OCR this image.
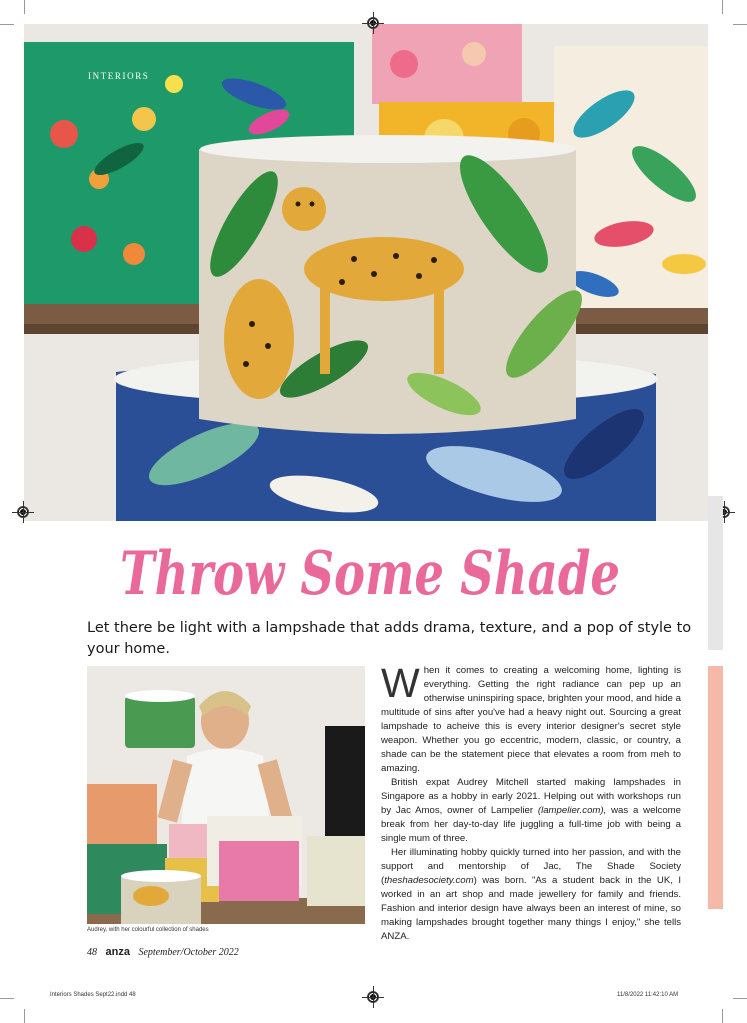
INTERIORS
Throw Some Shade

Let there be light with a lampshade that adds drama, texture, and a pop of style to your home.

Audrey, with her colourful collection of shades

When it comes to creating a welcoming home, lighting is everything. Getting the right radiance can pep up an otherwise uninspiring space, brighten your mood, and hide a multitude of sins after you've had a heavy night out. Sourcing a great lampshade to acheive this is every interior designer's secret style weapon. Whether you go eccentric, modern, classic, or country, a shade can be the statement piece that elevates a room from meh to amazing.

British expat Audrey Mitchell started making lampshades in Singapore as a hobby in early 2021. Helping out with workshops run by Jac Amos, owner of Lampelier (lampelier.com), was a welcome break from her day-to-day life juggling a full-time job with being a single mum of three.

Her illuminating hobby quickly turned into her passion, and with the support and mentorship of Jac, The Shade Society (theshadesociety.com) was born. "As a student back in the UK, I worked in an art shop and made jewellery for family and friends. Fashion and interior design have always been an interest of mine, so making lampshades brought together many things I enjoy," she tells ANZA.

48 anza September/October 2022
Interiors Shades Sept22.indd 48	11/8/2022 11:42:10 AM
